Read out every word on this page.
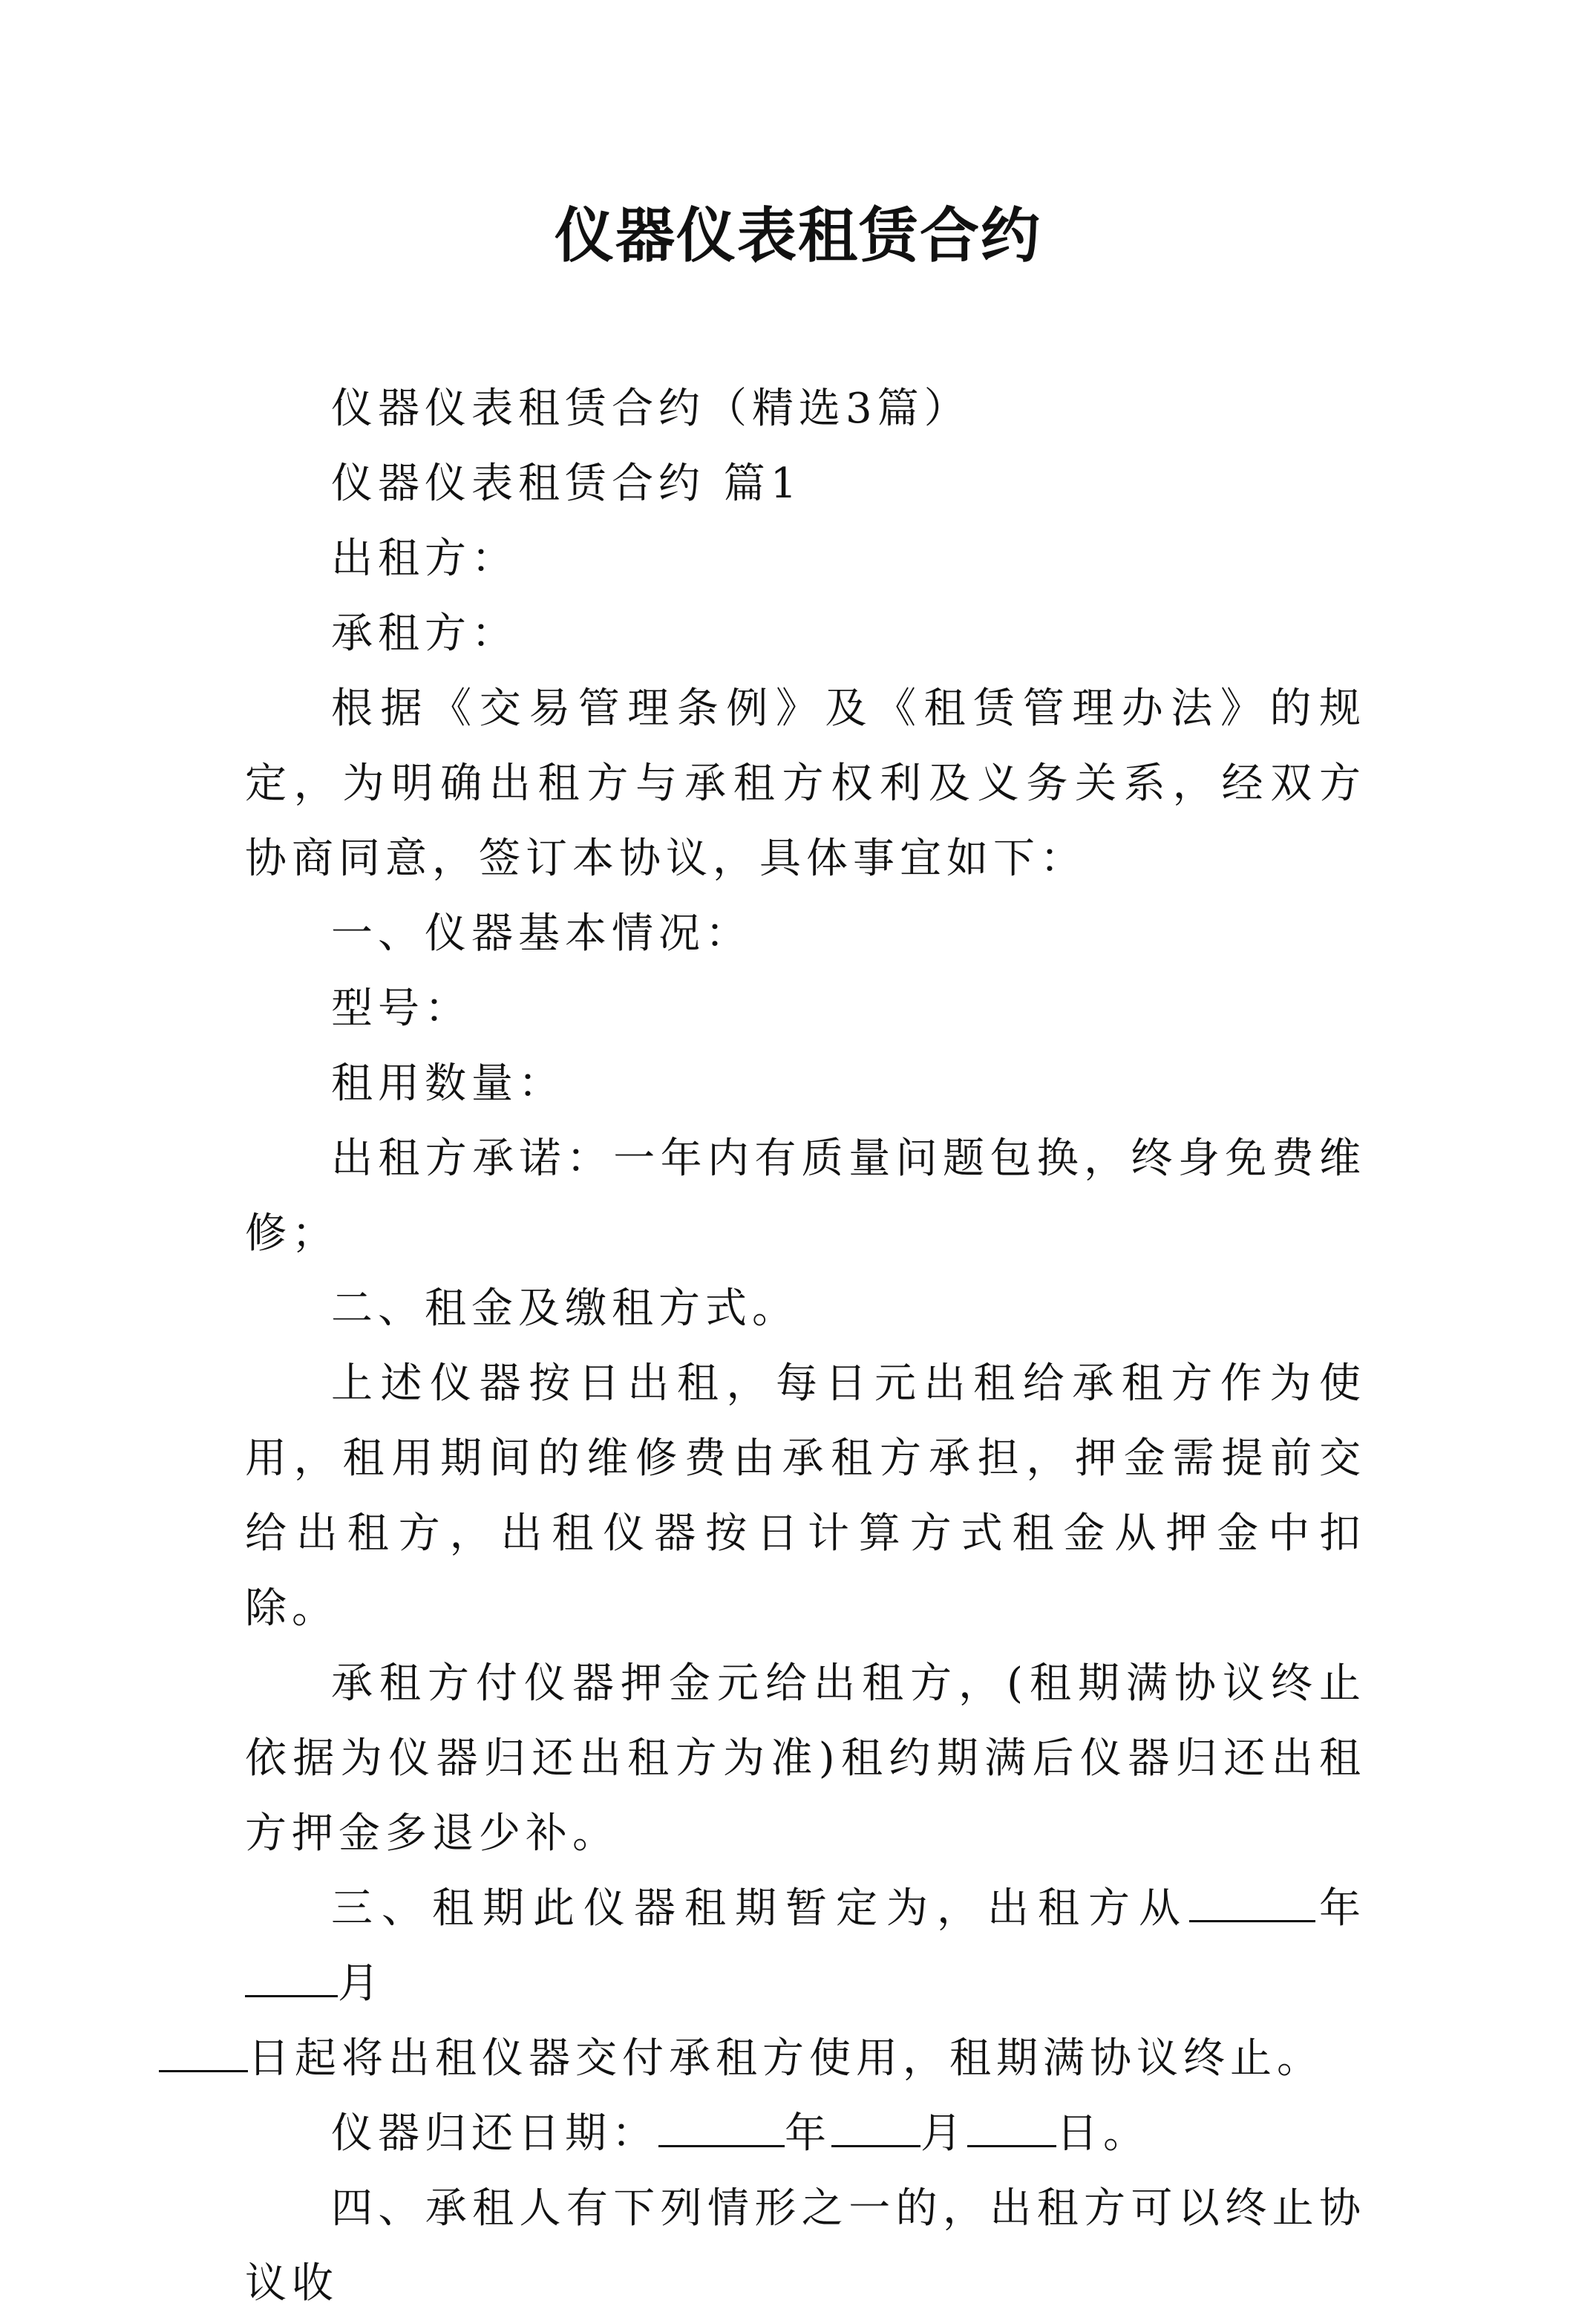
仪器仪表租赁合约

仪器仪表租赁合约（精选3篇）

仪器仪表租赁合约 篇1

出租方：

承租方：

根据《交易管理条例》及《租赁管理办法》的规定，为明确出租方与承租方权利及义务关系，经双方协商同意，签订本协议，具体事宜如下：

一、仪器基本情况：

型号：

租用数量：

出租方承诺：一年内有质量问题包换，终身免费维修；

二、租金及缴租方式。

上述仪器按日出租，每日元出租给承租方作为使用，租用期间的维修费由承租方承担，押金需提前交给出租方，出租仪器按日计算方式租金从押金中扣除。

承租方付仪器押金元给出租方，(租期满协议终止依据为仪器归还出租方为准)租约期满后仪器归还出租方押金多退少补。

三、租期此仪器租期暂定为，出租方从	年月
日起将出租仪器交付承租方使用，租期满协议终止。

仪器归还日期：	年 月 日。

四、承租人有下列情形之一的，出租方可以终止协议收
